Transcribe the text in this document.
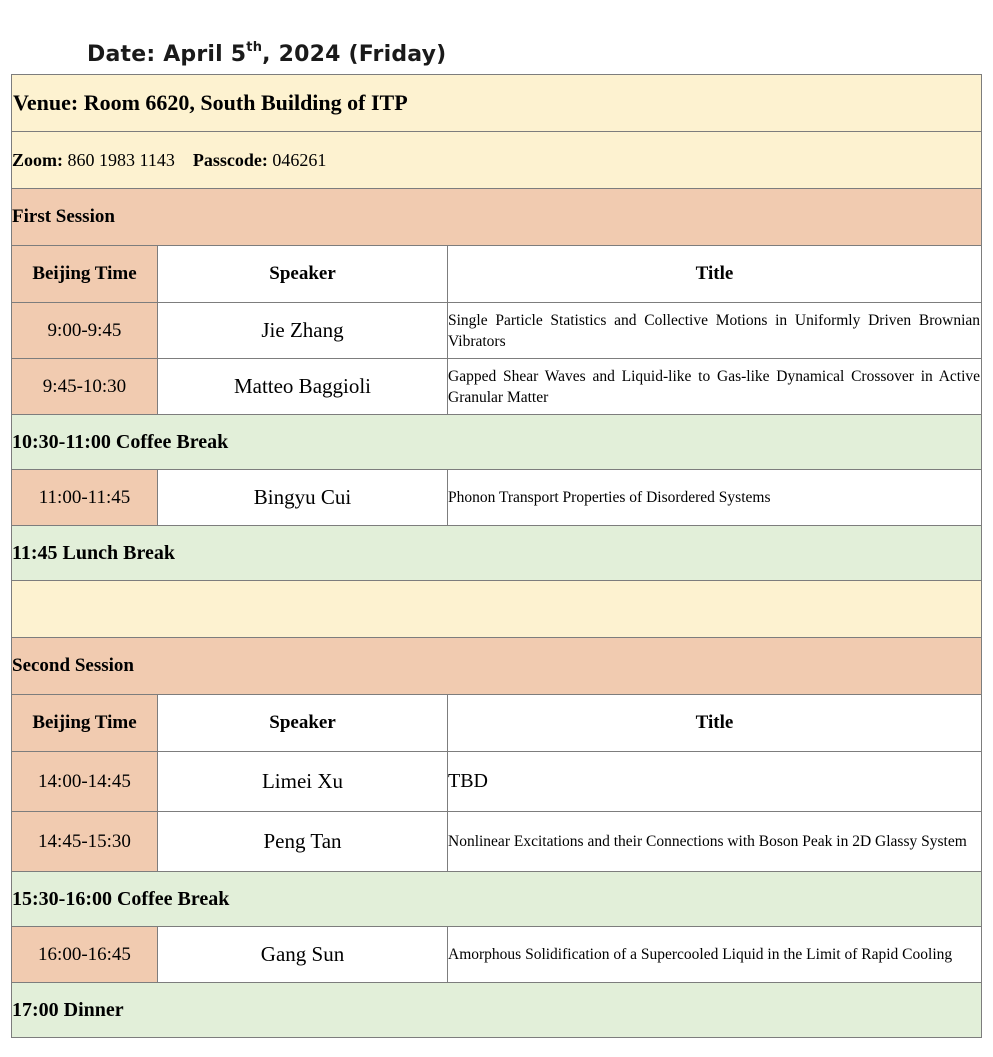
Date: April 5th, 2024 (Friday)
Venue: Room 6620, South Building of ITP		
Zoom: 860 1983 1143 Passcode: 046261		
First Session		
Beijing Time	Speaker	Title
9:00-9:45	Jie Zhang	Single Particle Statistics and Collective Motions in Uniformly Driven Brownian Vibrators
9:45-10:30	Matteo Baggioli	Gapped Shear Waves and Liquid-like to Gas-like Dynamical Crossover in Active Granular Matter
10:30-11:00 Coffee Break		
11:00-11:45	Bingyu Cui	Phonon Transport Properties of Disordered Systems
11:45 Lunch Break		

Second Session		
Beijing Time	Speaker	Title
14:00-14:45	Limei Xu	TBD
14:45-15:30	Peng Tan	Nonlinear Excitations and their Connections with Boson Peak in 2D Glassy System
15:30-16:00 Coffee Break		
16:00-16:45	Gang Sun	Amorphous Solidification of a Supercooled Liquid in the Limit of Rapid Cooling
17:00 Dinner		
